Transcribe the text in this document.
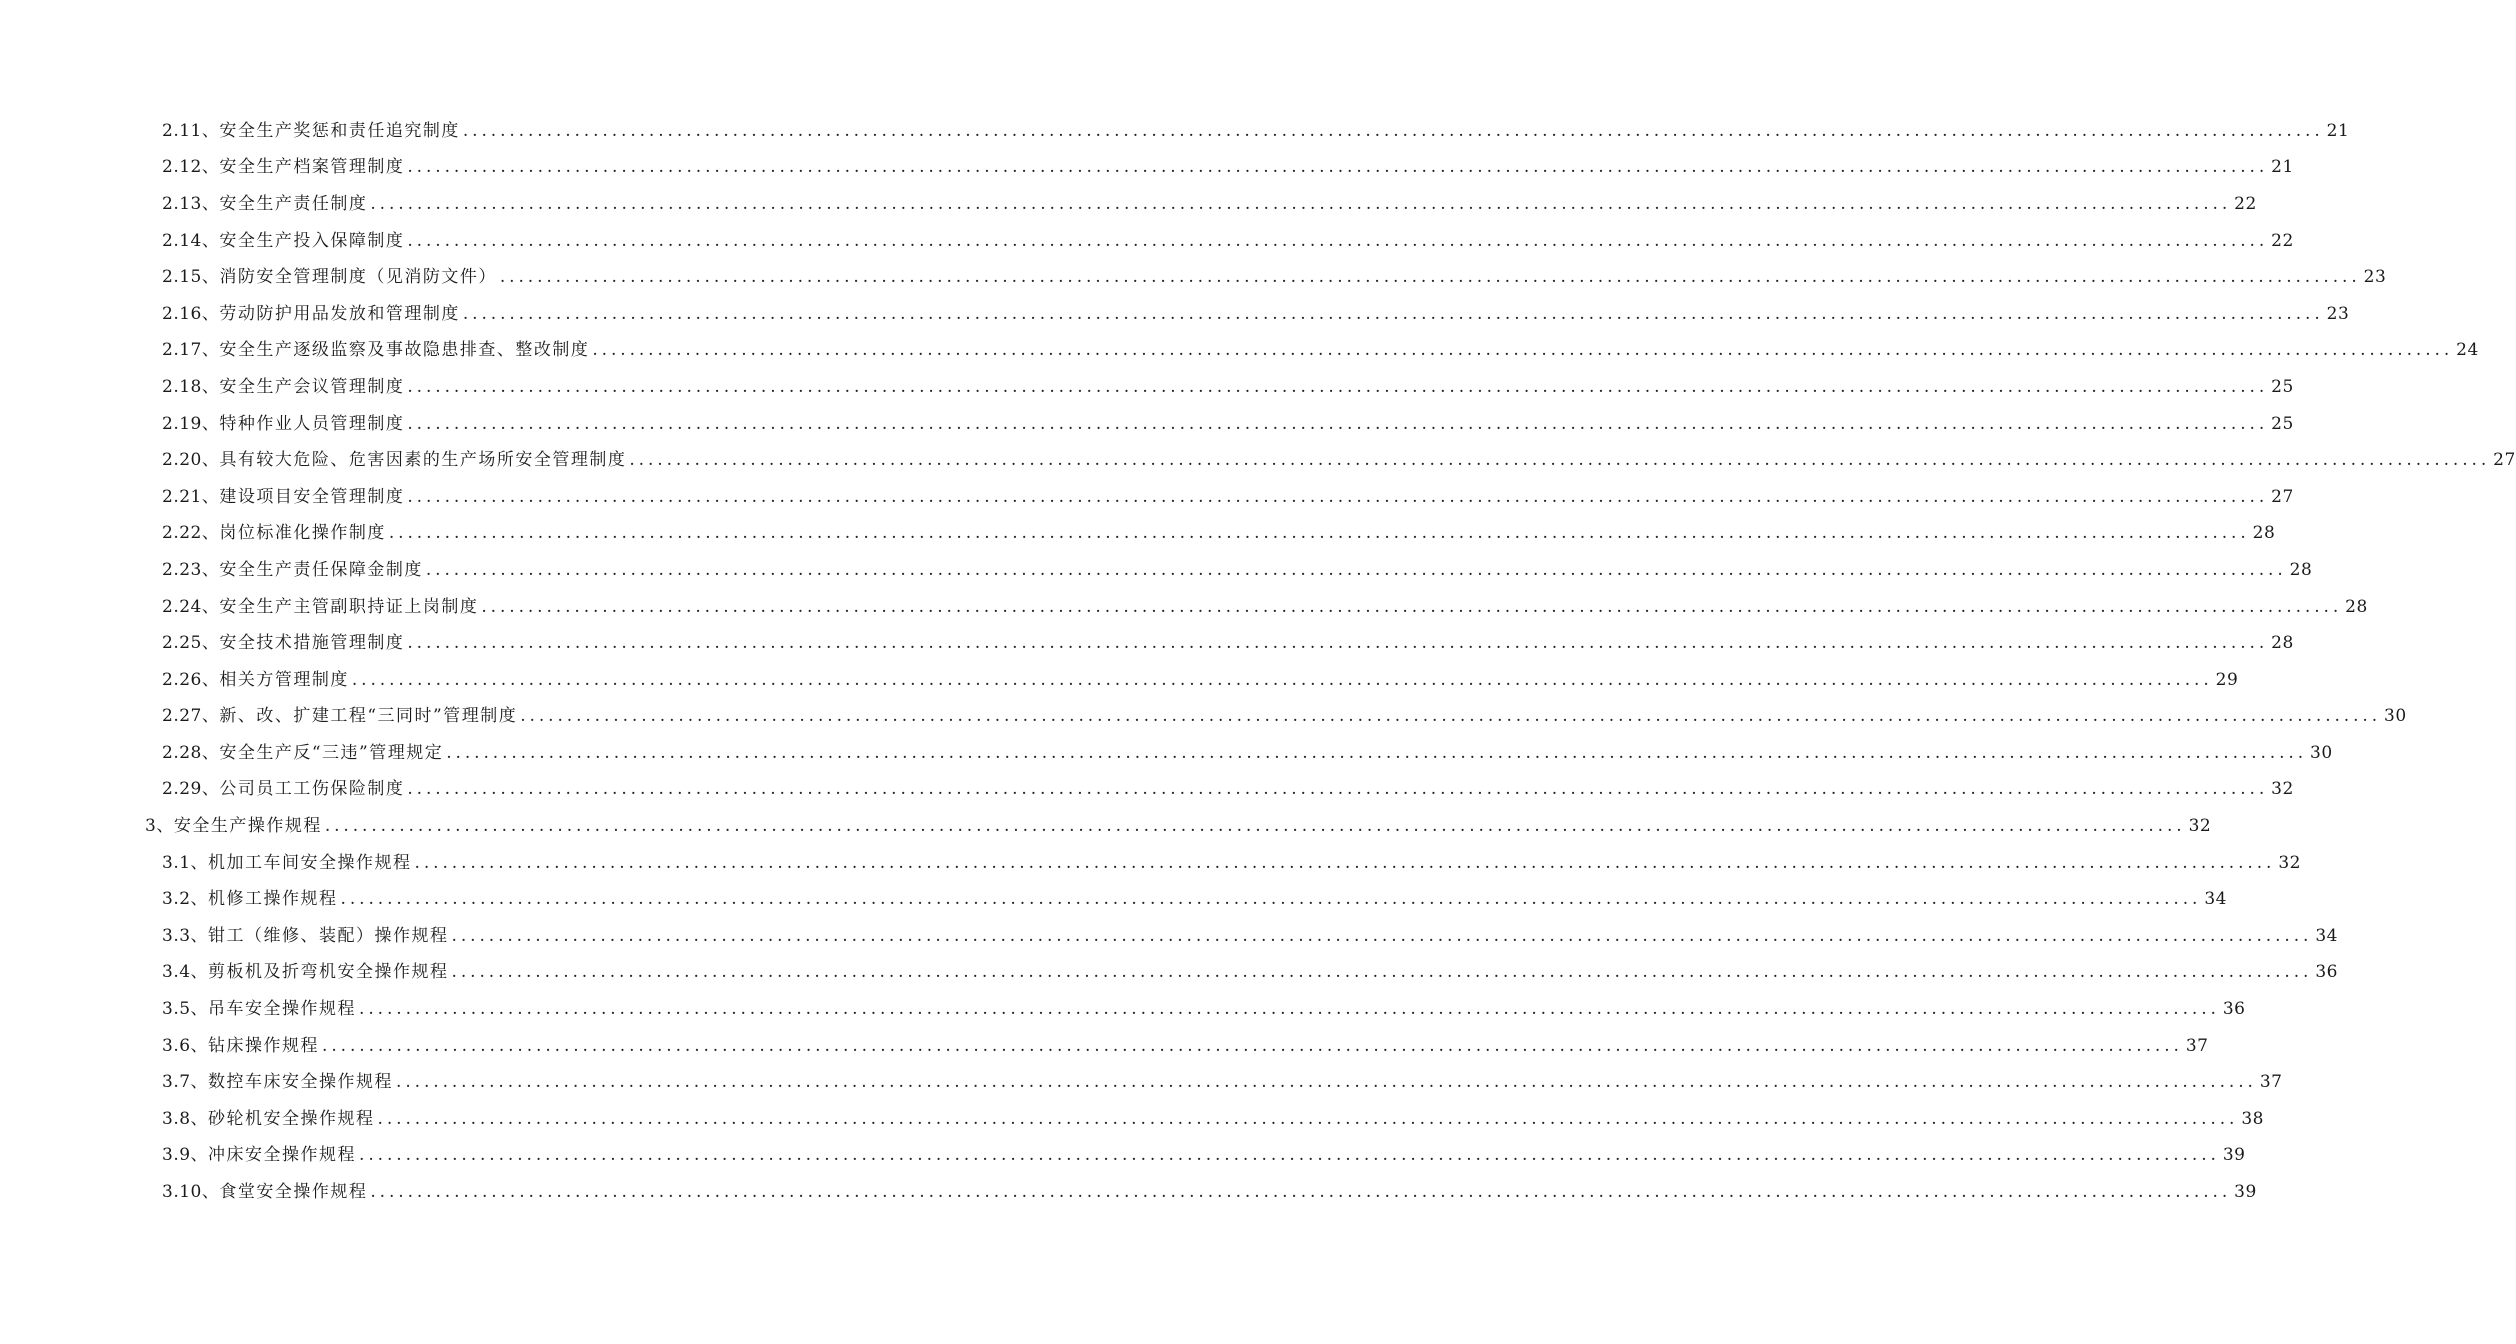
2.11、 安全生产奖惩和责任追究制度 ........................................................................................................................................................................................................ 21
2.12、 安全生产档案管理制度 ........................................................................................................................................................................................................ 21
2.13、 安全生产责任制度 ........................................................................................................................................................................................................ 22
2.14、 安全生产投入保障制度 ........................................................................................................................................................................................................ 22
2.15、 消防安全管理制度（见消防文件） ........................................................................................................................................................................................................ 23
2.16、 劳动防护用品发放和管理制度 ........................................................................................................................................................................................................ 23
2.17、 安全生产逐级监察及事故隐患排查、整改制度 ........................................................................................................................................................................................................ 24
2.18、 安全生产会议管理制度 ........................................................................................................................................................................................................ 25
2.19、 特种作业人员管理制度 ........................................................................................................................................................................................................ 25
2.20、 具有较大危险、危害因素的生产场所安全管理制度 ........................................................................................................................................................................................................ 27
2.21、 建设项目安全管理制度 ........................................................................................................................................................................................................ 27
2.22、 岗位标准化操作制度 ........................................................................................................................................................................................................ 28
2.23、 安全生产责任保障金制度 ........................................................................................................................................................................................................ 28
2.24、 安全生产主管副职持证上岗制度 ........................................................................................................................................................................................................ 28
2.25、 安全技术措施管理制度 ........................................................................................................................................................................................................ 28
2.26、 相关方管理制度 ........................................................................................................................................................................................................ 29
2.27、 新、改、扩建工程“三同时”管理制度 ........................................................................................................................................................................................................ 30
2.28、 安全生产反“三违”管理规定 ........................................................................................................................................................................................................ 30
2.29、 公司员工工伤保险制度 ........................................................................................................................................................................................................ 32
3、 安全生产操作规程 ........................................................................................................................................................................................................ 32
3.1、 机加工车间安全操作规程 ........................................................................................................................................................................................................ 32
3.2、 机修工操作规程 ........................................................................................................................................................................................................ 34
3.3、 钳工（维修、装配）操作规程 ........................................................................................................................................................................................................ 34
3.4、 剪板机及折弯机安全操作规程 ........................................................................................................................................................................................................ 36
3.5、 吊车安全操作规程 ........................................................................................................................................................................................................ 36
3.6、 钻床操作规程 ........................................................................................................................................................................................................ 37
3.7、 数控车床安全操作规程 ........................................................................................................................................................................................................ 37
3.8、 砂轮机安全操作规程 ........................................................................................................................................................................................................ 38
3.9、 冲床安全操作规程 ........................................................................................................................................................................................................ 39
3.10、 食堂安全操作规程 ........................................................................................................................................................................................................ 39
